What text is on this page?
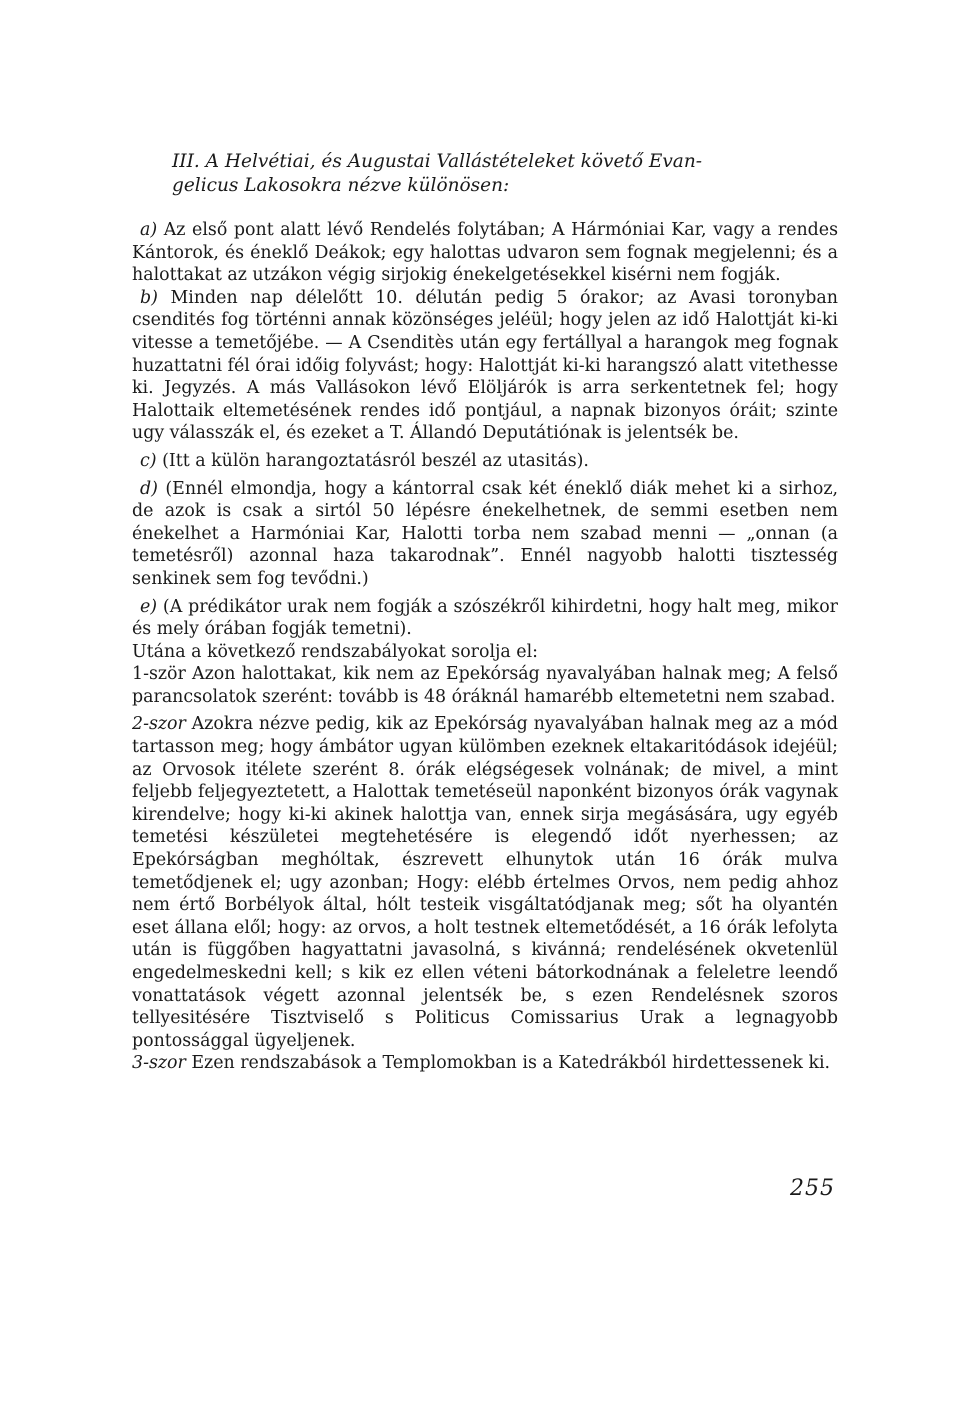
III. A Helvétiai, és Augustai Vallástételeket követő Evan-
gelicus Lakosokra nézve különösen:

a) Az első pont alatt lévő Rendelés folytában; A Hármóniai Kar, vagy a rendes Kántorok, és éneklő Deákok; egy halottas udvaron sem fognak megjelenni; és a halottakat az utzákon végig sirjokig énekelgetésekkel kisérni nem fogják.

b) Minden nap délelőtt 10. délután pedig 5 órakor; az Avasi toronyban csendités fog történni annak közönséges jeléül; hogy jelen az idő Halottját ki-ki vitesse a temetőjébe. — A Csenditès után egy fertállyal a harangok meg fognak huzattatni fél órai időig folyvást; hogy: Halottját ki-ki harangszó alatt vitethesse ki. Jegyzés. A más Vallásokon lévő Elöljárók is arra serkentetnek fel; hogy Halottaik eltemetésének rendes idő pontjául, a napnak bizonyos óráit; szinte ugy válasszák el, és ezeket a T. Állandó Deputátiónak is jelentsék be.

c) (Itt a külön harangoztatásról beszél az utasitás).

d) (Ennél elmondja, hogy a kántorral csak két éneklő diák mehet ki a sirhoz, de azok is csak a sirtól 50 lépésre énekelhetnek, de semmi esetben nem énekelhet a Harmóniai Kar, Halotti torba nem szabad menni — „onnan (a temetésről) azonnal haza takarodnak”. Ennél nagyobb halotti tisztesség senkinek sem fog tevődni.)

e) (A prédikátor urak nem fogják a szószékről kihirdetni, hogy halt meg, mikor és mely órában fogják temetni).

Utána a következő rendszabályokat sorolja el:

1-ször Azon halottakat, kik nem az Epekórság nyavalyában halnak meg; A felső parancsolatok szerént: tovább is 48 óráknál hamarébb eltemetetni nem szabad.

2-szor Azokra nézve pedig, kik az Epekórság nyavalyában halnak meg az a mód tartasson meg; hogy ámbátor ugyan külömben ezeknek eltakaritódások idejéül; az Orvosok itélete szerént 8. órák elégségesek volnának; de mivel, a mint feljebb feljegyeztetett, a Halottak temetéseül naponként bizonyos órák vagynak kirendelve; hogy ki-ki akinek halottja van, ennek sirja megásására, ugy egyéb temetési készületei megtehetésére is elegendő időt nyerhessen; az Epekórságban meghóltak, észrevett elhunytok után 16 órák mulva temetődjenek el; ugy azonban; Hogy: elébb értelmes Orvos, nem pedig ahhoz nem értő Borbélyok által, hólt testeik visgáltatódjanak meg; sőt ha olyantén eset állana elől; hogy: az orvos, a holt testnek eltemetődését, a 16 órák lefolyta után is függőben hagyattatni javasolná, s kivánná; rendelésének okvetenlül engedelmeskedni kell; s kik ez ellen véteni bátorkodnának a feleletre leendő vonattatások végett azonnal jelentsék be, s ezen Rendelésnek szoros tellyesitésére Tisztviselő s Politicus Comissarius Urak a legnagyobb pontossággal ügyeljenek.

3-szor Ezen rendszabások a Templomokban is a Katedrákból hirdettessenek ki.

255
